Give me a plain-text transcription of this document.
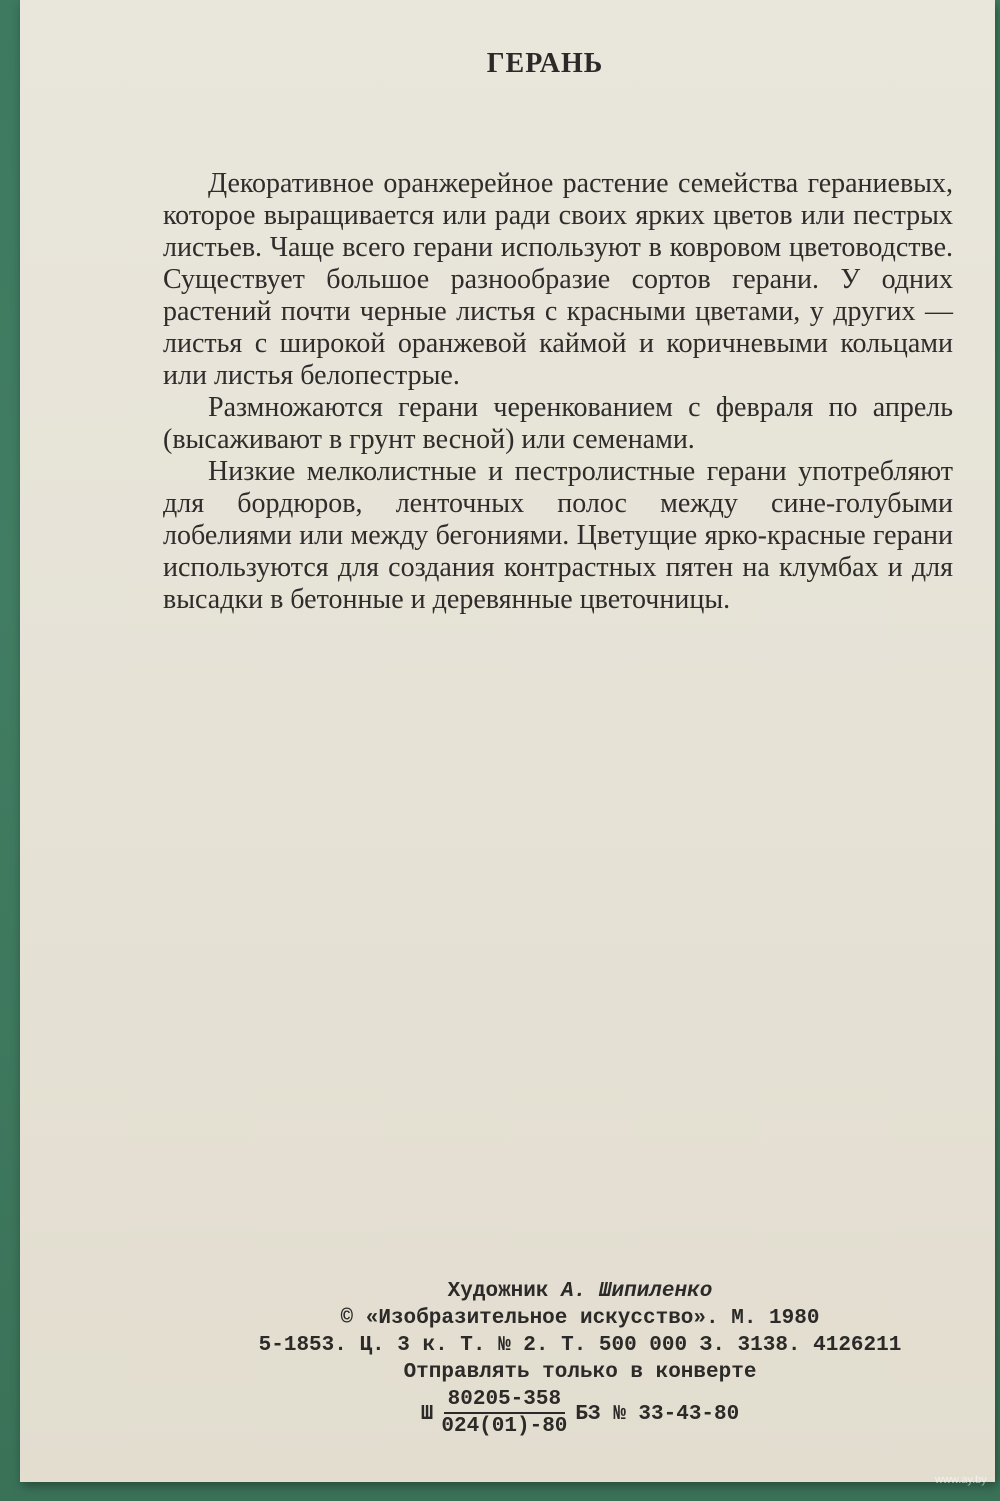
ГЕРАНЬ

Декоративное оранжерейное растение семейства гераниевых, которое выращивается или ради своих ярких цветов или пестрых листьев. Чаще всего герани используют в ковровом цветоводстве. Существует большое разнообразие сортов герани. У одних растений почти черные листья с красными цветами, у других — листья с широкой оранжевой каймой и коричневыми кольцами или листья белопестрые.

Размножаются герани черенкованием с февраля по апрель (высаживают в грунт весной) или семенами.

Низкие мелколистные и пестролистные герани употребляют для бордюров, ленточных полос между сине-голубыми лобелиями или между бегониями. Цветущие ярко-красные герани используются для создания контрастных пятен на клумбах и для высадки в бетонные и деревянные цветочницы.

Художник А. Шипиленко
© «Изобразительное искусство». М. 1980
5-1853. Ц. 3 к. Т. № 2. Т. 500 000 З. 3138. 4126211
Отправлять только в конверте
Ш $\frac{80205-358}{024(01)-80}$ БЗ № 33-43-80
www.ay.by
